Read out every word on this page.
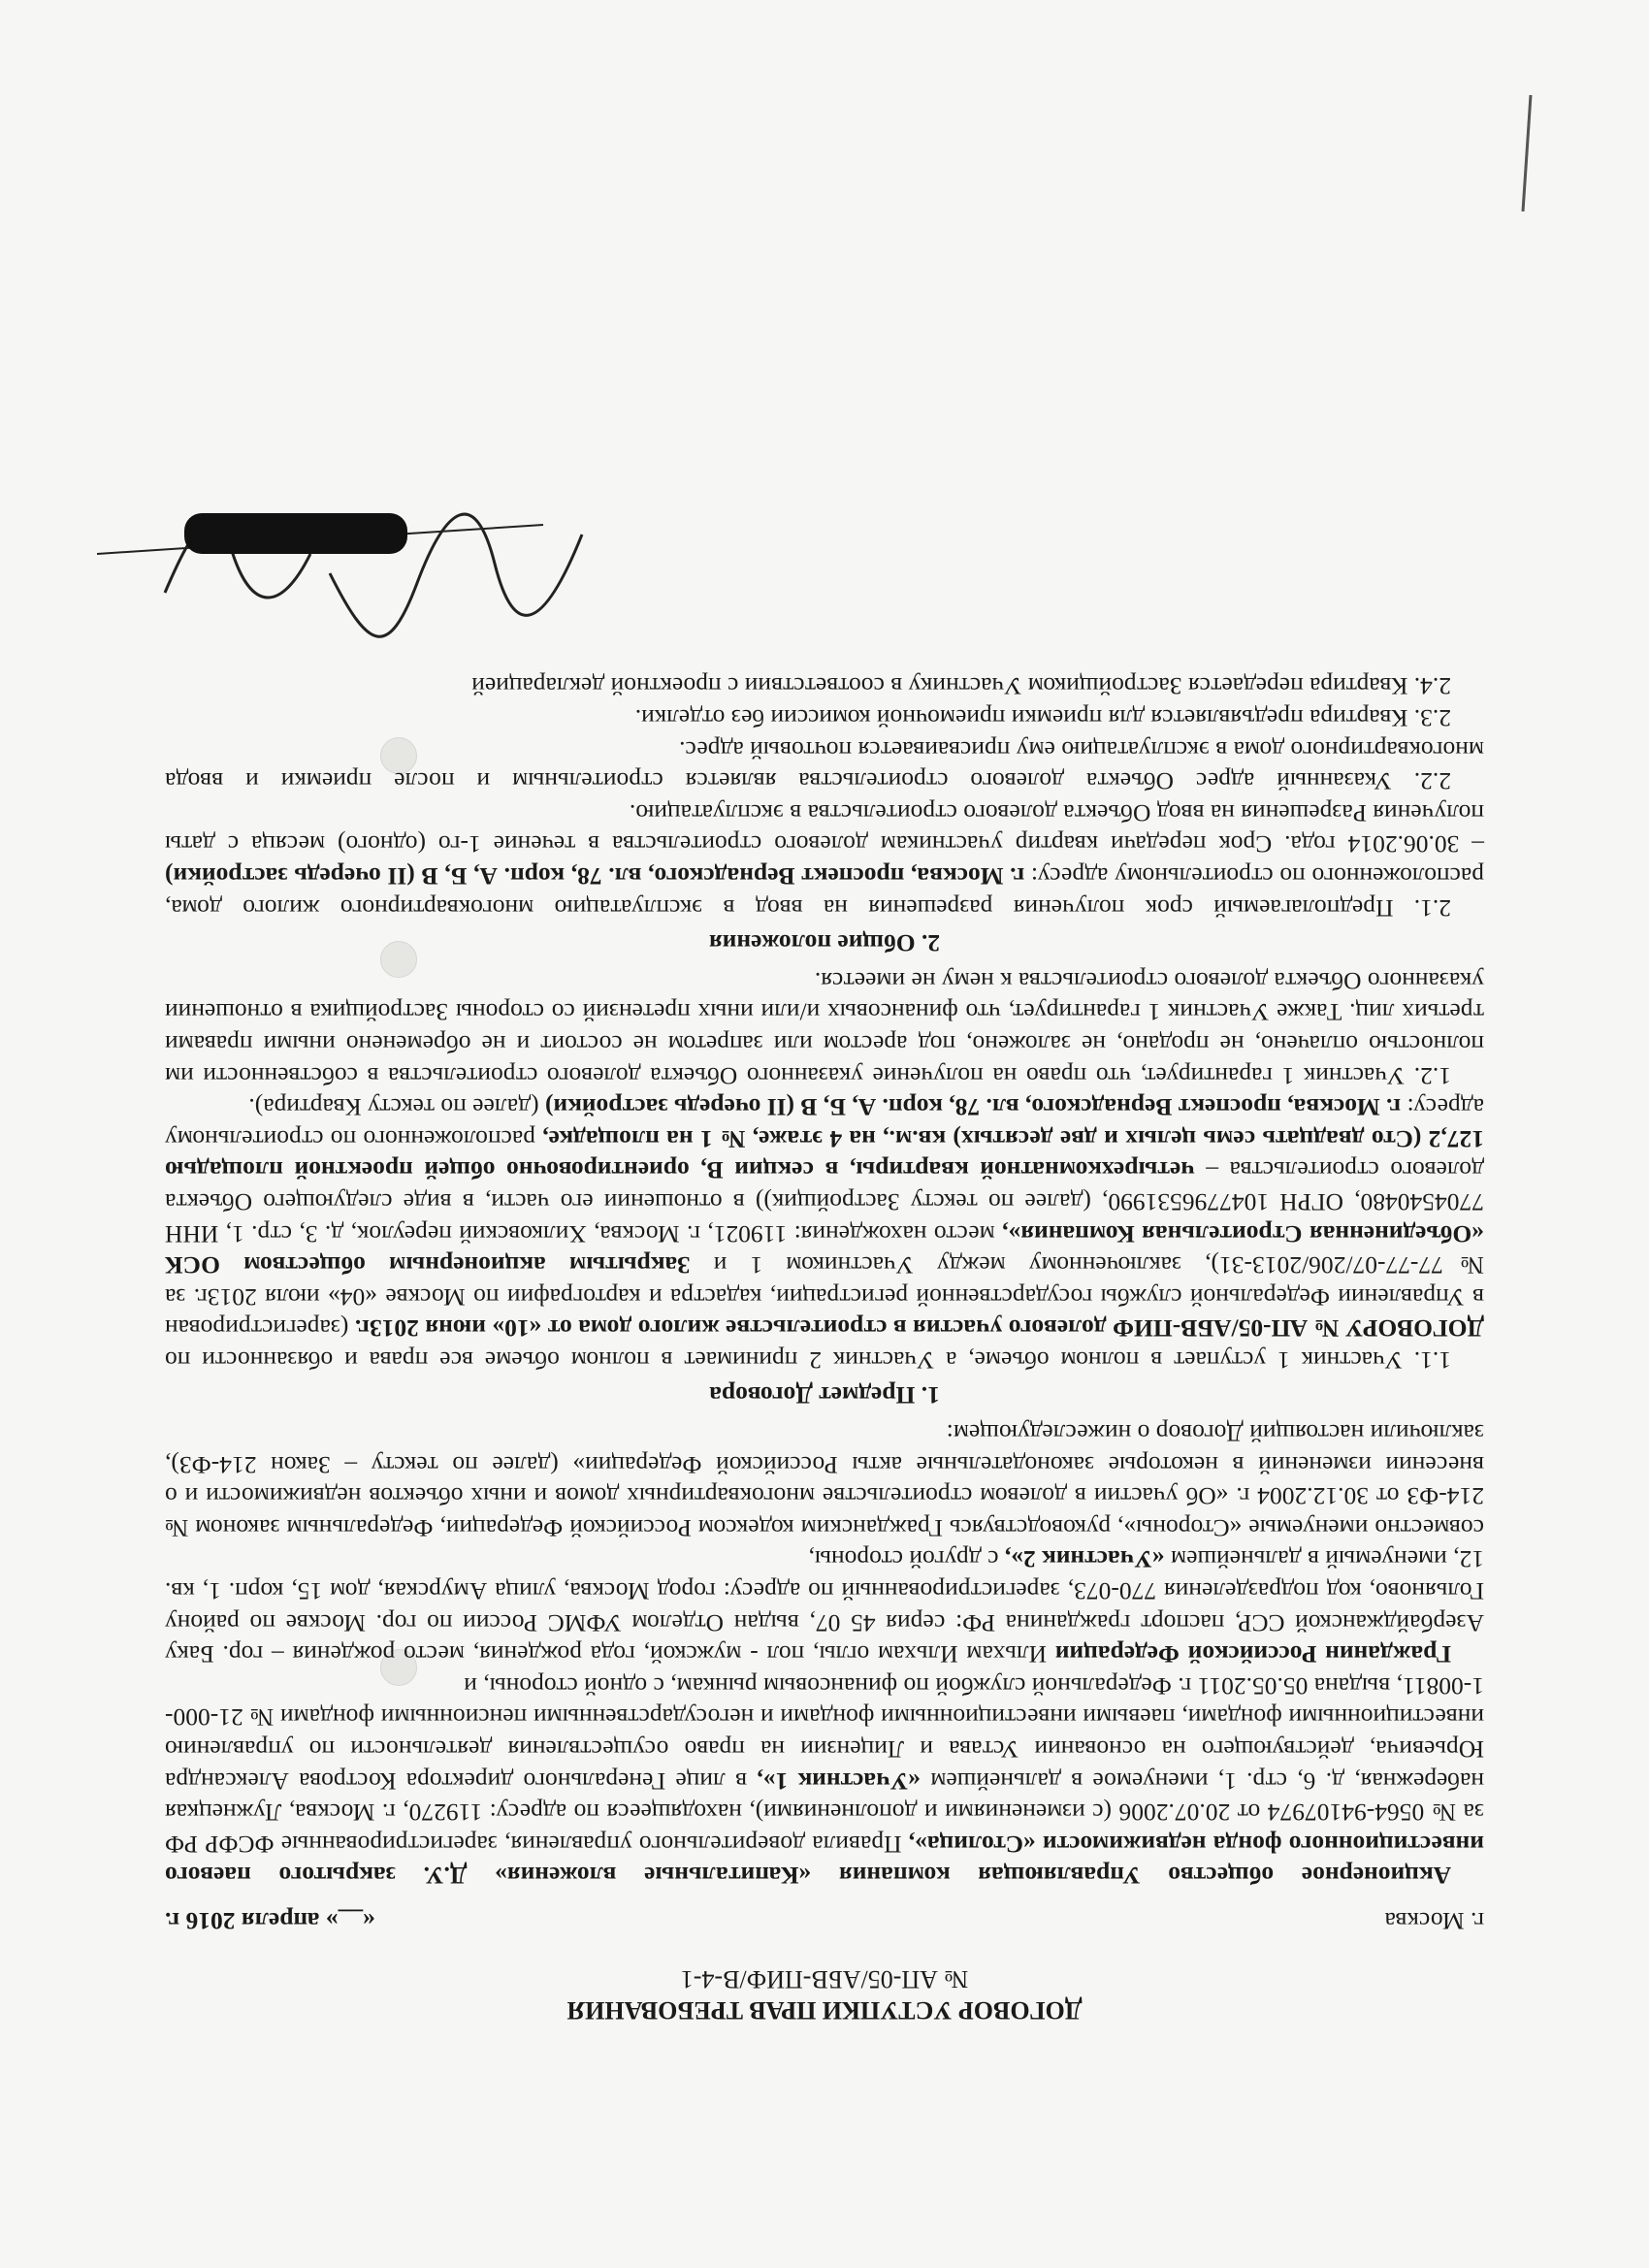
ДОГОВОР УСТУПКИ ПРАВ ТРЕБОВАНИЯ
№ АП-05/АБВ-ПИФ/В-4-1
г. Москва
«__» апреля 2016 г.

Акционерное общество Управляющая компания «Капитальные вложения» Д.У. закрытого паевого инвестиционного фонда недвижимости «Столица», Правила доверительного управления, зарегистрированные ФСФР РФ за № 0564-94107974 от 20.07.2006 (с изменениями и дополнениями), находящееся по адресу: 119270, г. Москва, Лужнецкая набережная, д. 6, стр. 1, именуемое в дальнейшем «Участник 1», в лице Генерального директора Кострова Александра Юрьевича, действующего на основании Устава и Лицензии на право осуществления деятельности по управлению инвестиционными фондами, паевыми инвестиционными фондами и негосударственными пенсионными фондами № 21-000-1-00811, выдана 05.05.2011 г. Федеральной службой по финансовым рынкам, с одной стороны, и

Гражданин Российской Федерации Ильхам Ильхам оглы, пол - мужской, года рождения, место рождения – гор. Баку Азербайджанской ССР, паспорт гражданина РФ: серия 45 07, выдан Отделом УФМС России по гор. Москве по району Гольяново, код подразделения 770-073, зарегистрированный по адресу: город Москва, улица Амурская, дом 15, корп. 1, кв. 12, именуемый в дальнейшем «Участник 2», с другой стороны,

совместно именуемые «Стороны», руководствуясь Гражданским кодексом Российской Федерации, Федеральным законом № 214-ФЗ от 30.12.2004 г. «Об участии в долевом строительстве многоквартирных домов и иных объектов недвижимости и о внесении изменений в некоторые законодательные акты Российской Федерации» (далее по тексту – Закон 214-ФЗ), заключили настоящий Договор о нижеследующем:

1. Предмет Договора

1.1. Участник 1 уступает в полном объеме, а Участник 2 принимает в полном объеме все права и обязанности по ДОГОВОРУ № АП-05/АБВ-ПИФ долевого участия в строительстве жилого дома от «10» июня 2013г. (зарегистрирован в Управлении Федеральной службы государственной регистрации, кадастра и картографии по Москве «04» июля 2013г. за №77-77-07/206/2013-31), заключенному между Участником 1 и Закрытым акционерным обществом ОСК «Объединенная Строительная Компания», место нахождения: 119021, г. Москва, Хилковский переулок, д. 3, стр. 1, ИНН 7704540480, ОГРН 1047796531990, (далее по тексту Застройщик)) в отношении его части, в виде следующего Объекта долевого строительства – четырехкомнатной квартиры, в секции В, ориентировочно общей проектной площадью 127,2 (Сто двадцать семь целых и две десятых) кв.м., на 4 этаже, № 1 на площадке, расположенного по строительному адресу: г. Москва, проспект Вернадского, вл. 78, корп. А, Б, В (II очередь застройки) (далее по тексту Квартира).

1.2. Участник 1 гарантирует, что право на получение указанного Объекта долевого строительства в собственности им полностью оплачено, не продано, не заложено, под арестом или запретом не состоит и не обременено иными правами третьих лиц. Также Участник 1 гарантирует, что финансовых и/или иных претензий со стороны Застройщика в отношении указанного Объекта долевого строительства к нему не имеется.

2. Общие положения

2.1. Предполагаемый срок получения разрешения на ввод в эксплуатацию многоквартирного жилого дома, расположенного по строительному адресу: г. Москва, проспект Вернадского, вл. 78, корп. А, Б, В (II очередь застройки) – 30.06.2014 года. Срок передачи квартир участникам долевого строительства в течение 1-го (одного) месяца с даты получения Разрешения на ввод Объекта долевого строительства в эксплуатацию.

2.2. Указанный адрес Объекта долевого строительства является строительным и после приемки и ввода многоквартирного дома в эксплуатацию ему присваивается почтовый адрес.

2.3. Квартира предъявляется для приемки приемочной комиссии без отделки.

2.4. Квартира передается Застройщиком Участнику в соответствии с проектной декларацией
